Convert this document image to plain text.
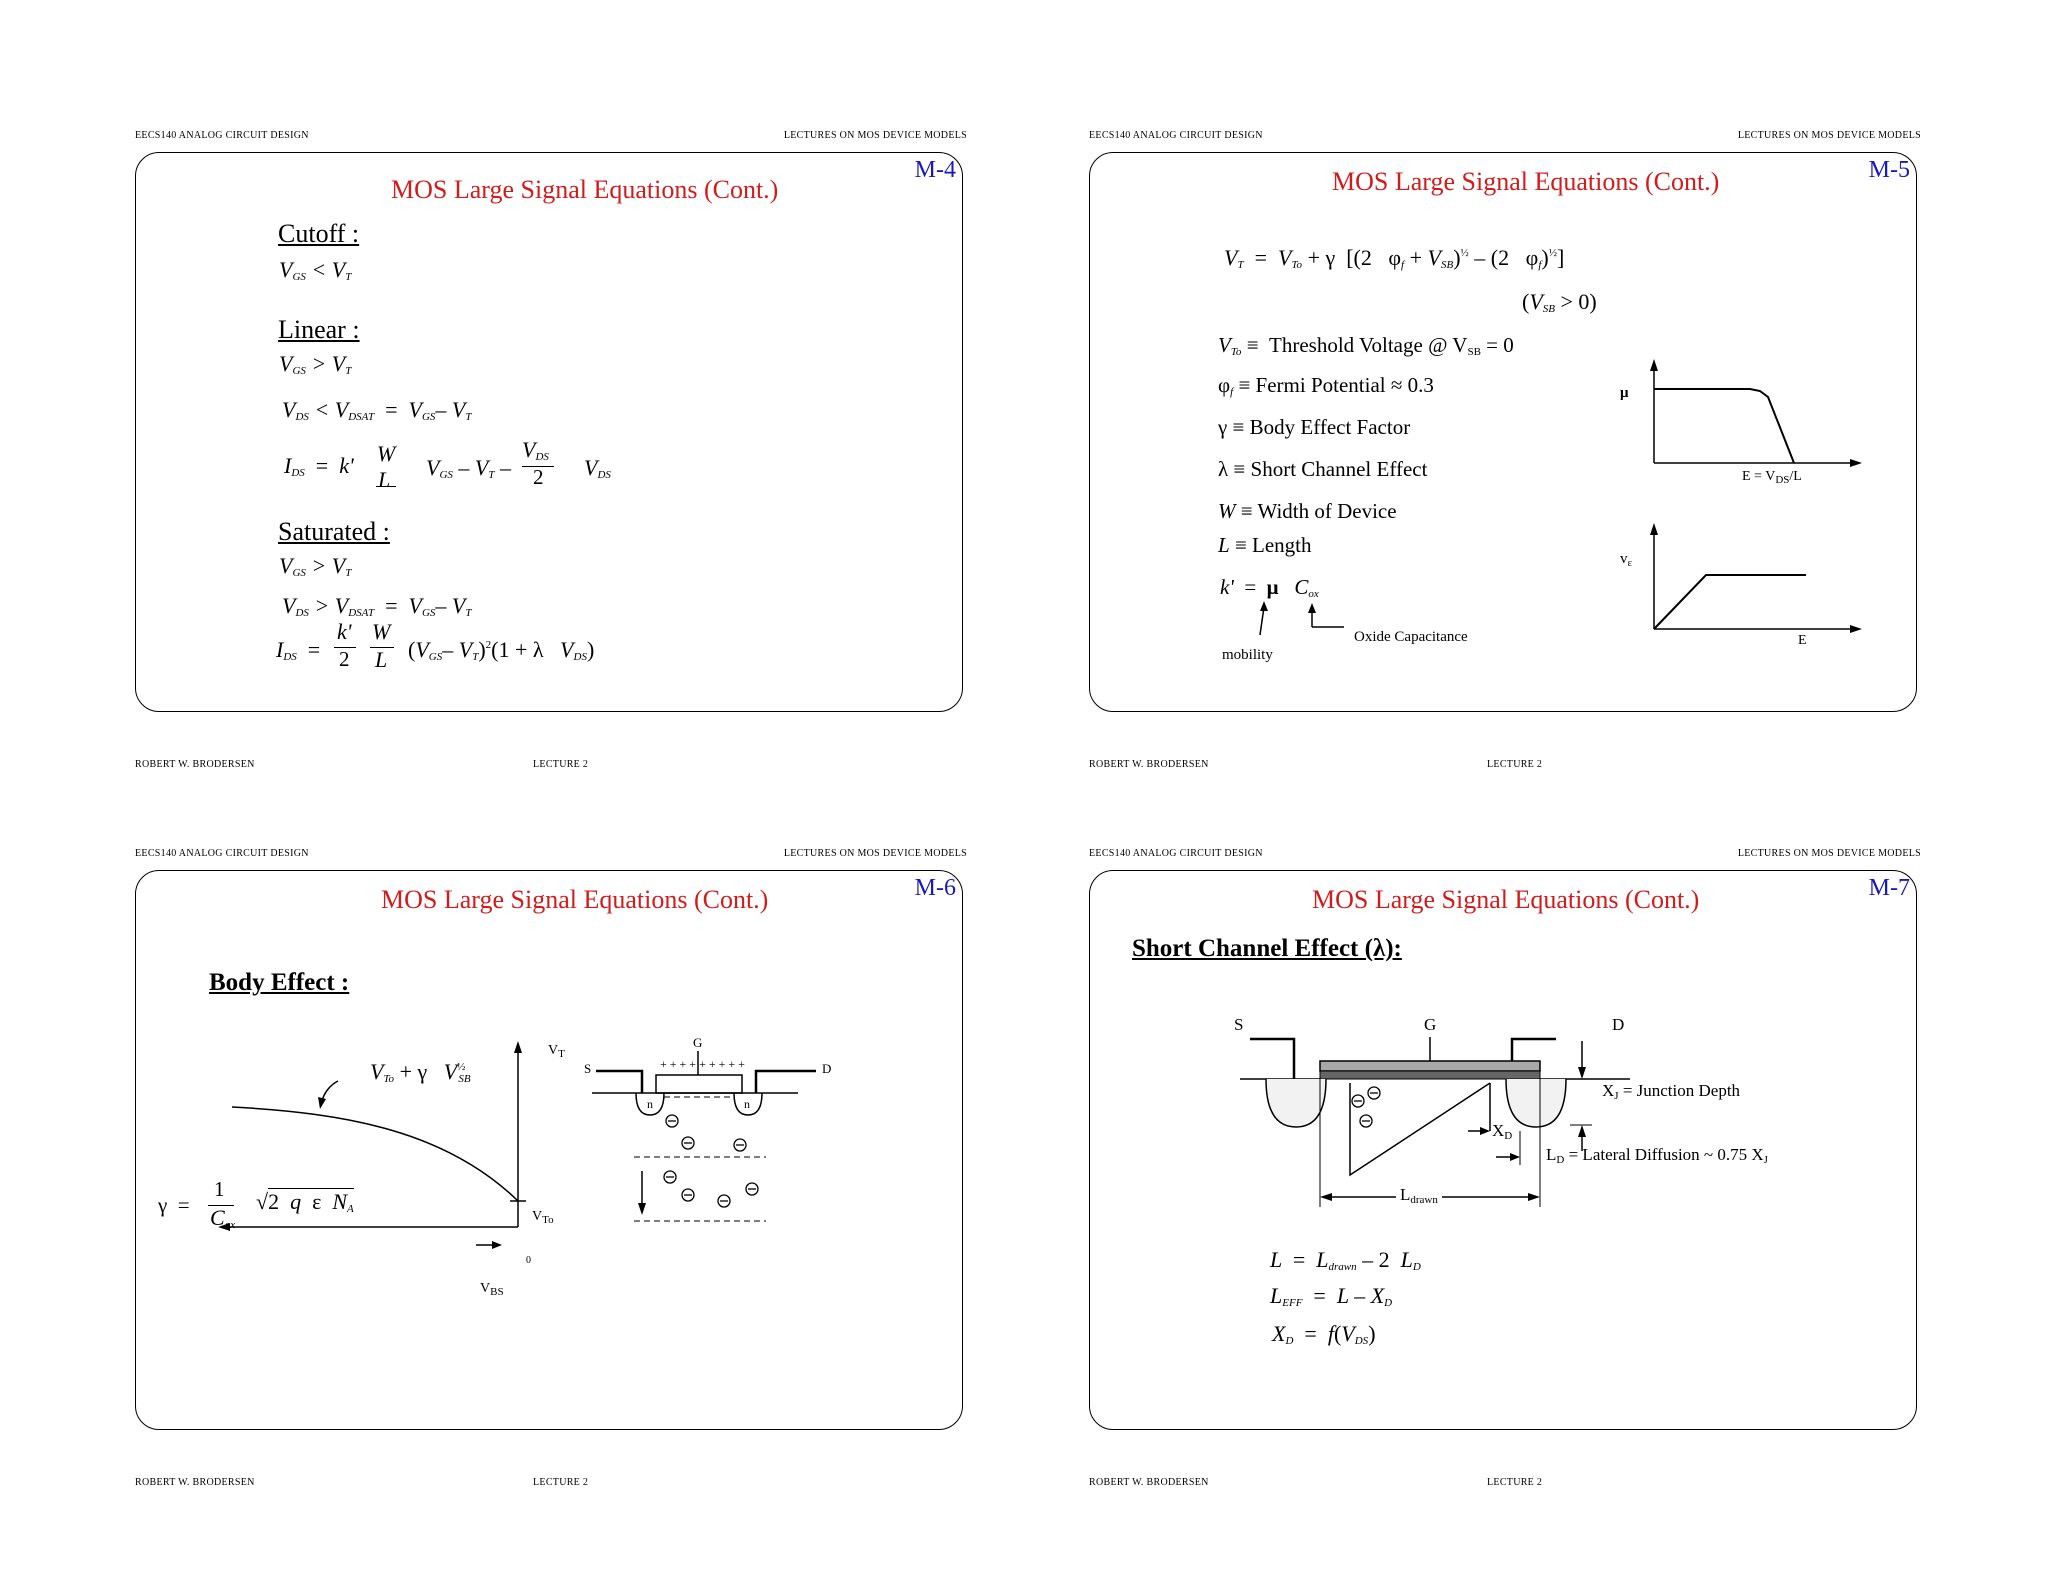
EECS140 ANALOG CIRCUIT DESIGN	LECTURES ON MOS DEVICE MODELS
MOS Large Signal Equations (Cont.)
M-4
Cutoff :
$V_{GS} < V_T$
Linear :
$V_{GS} > V_T$
$V_{DS} < V_{DSAT} = V_{GS}-$ $V_T$
$I_{DS} = k'$ W

L $V_{GS} - V_T$ –
$V_{DS}$
2 $V_{DS}$
Saturated :
$V_{GS} > V_T$
$V_{DS} > V_{DSAT} = V_{GS}-$ $V_T$
$I_{DS}$  =
k'
2
W
L ($V_{GS}-$ $V_T)^2(1 + \lambda$   $V_{DS}$)
ROBERT W. BRODERSEN	LECTURE 2
EECS140 ANALOG CIRCUIT DESIGN	LECTURES ON MOS DEVICE MODELS
MOS Large Signal Equations (Cont.)	M-5
$V_T = V_{To} + \gamma$  [(2   $\varphi_f + V_{SB})^{\frac{1}{2}} - (2$   $\varphi_f)^{\frac{1}{2}}$]
$(V_{SB} > 0)$
$V_{To}$ ≡  Threshold Voltage @ $V_{SB} = 0$
$\varphi_f$ ≡ Fermi Potential ≈ 0.3
γ ≡ Body Effect Factor
λ ≡ Short Channel Effect
W ≡ Width of Device
L ≡ Length
k'  =  μ $C_{ox}$
mobility
Oxide Capacitance
μ
$E = V_{DS}/L$
$v_\varepsilon$
E
ROBERT W. BRODERSEN	LECTURE 2
EECS140 ANALOG CIRCUIT DESIGN	LECTURES ON MOS DEVICE MODELS
MOS Large Signal Equations (Cont.)	M-6
Body Effect :
$V_{To} + \gamma$   $V^{\frac{1}{2}}_{SB}$
$V_T$
$V_{To}$
0
$V_{BS}$
γ  =
1
$C_{ox}$
√2  q  ε  $N_A$
S
G
D
+ + + + + + + + +
n	n
ROBERT W. BRODERSEN	LECTURE 2
EECS140 ANALOG CIRCUIT DESIGN	LECTURES ON MOS DEVICE MODELS
MOS Large Signal Equations (Cont.)	M-7
Short Channel Effect (λ):
S	G	D
$X_J$ = Junction Depth
$X_D$
$L_D$ = Lateral Diffusion ~ 0.75 $X_J$
$L_{drawn}$
$L = L_{drawn} - 2$  $L_D$
$L_{EFF} = L - X_D$
$X_D = f(V_{DS})$
ROBERT W. BRODERSEN	LECTURE 2
